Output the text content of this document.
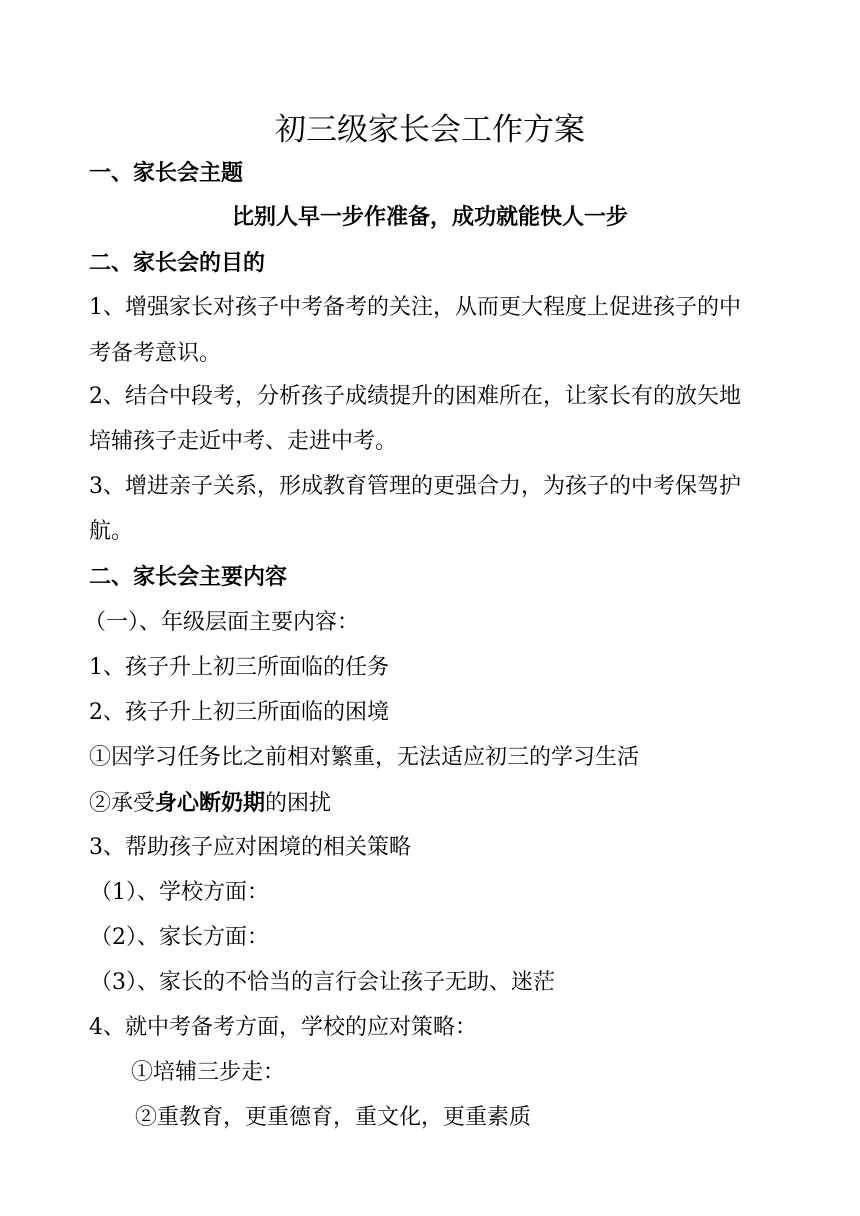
初三级家长会工作方案
一、家长会主题
比别人早一步作准备，成功就能快人一步
二、家长会的目的
1、增强家长对孩子中考备考的关注，从而更大程度上促进孩子的中
考备考意识。
2、结合中段考，分析孩子成绩提升的困难所在，让家长有的放矢地
培辅孩子走近中考、走进中考。
3、增进亲子关系，形成教育管理的更强合力，为孩子的中考保驾护
航。
二、家长会主要内容
（一）、年级层面主要内容：
1、孩子升上初三所面临的任务
2、孩子升上初三所面临的困境
①因学习任务比之前相对繁重，无法适应初三的学习生活
②承受身心断奶期的困扰
3、帮助孩子应对困境的相关策略
（1）、学校方面：
（2）、家长方面：
（3）、家长的不恰当的言行会让孩子无助、迷茫
4、就中考备考方面，学校的应对策略：
①培辅三步走：
②重教育，更重德育，重文化，更重素质
